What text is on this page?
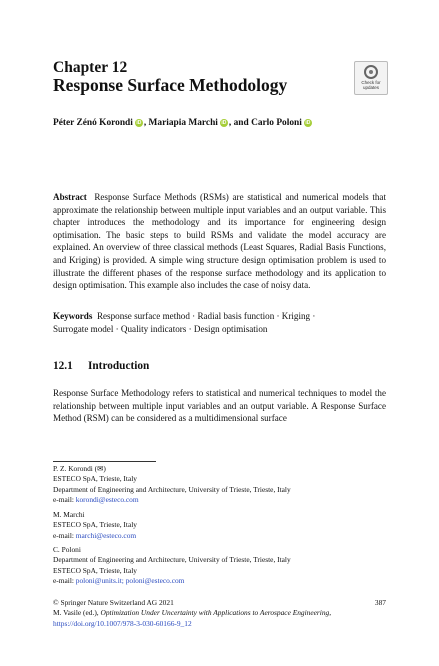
Chapter 12
Response Surface Methodology	Check for
updates
Péter Zénó Korondi iD , Mariapia Marchi iD , and Carlo Poloni iD
Abstract Response Surface Methods (RSMs) are statistical and numerical models that approximate the relationship between multiple input variables and an output variable. This chapter introduces the methodology and its importance for engineering design optimisation. The basic steps to build RSMs and validate the model accuracy are explained. An overview of three classical methods (Least Squares, Radial Basis Functions, and Kriging) is provided. A simple wing structure design optimisation problem is used to illustrate the different phases of the response surface methodology and its application to design optimisation. This example also includes the case of noisy data.
Keywords Response surface method · Radial basis function · Kriging ·
Surrogate model · Quality indicators · Design optimisation
12.1 Introduction
Response Surface Methodology refers to statistical and numerical techniques to model the relationship between multiple input variables and an output variable. A Response Surface Method (RSM) can be considered as a multidimensional surface
P. Z. Korondi (✉)
ESTECO SpA, Trieste, Italy
Department of Engineering and Architecture, University of Trieste, Trieste, Italy
e-mail: korondi@esteco.com
M. Marchi
ESTECO SpA, Trieste, Italy
e-mail: marchi@esteco.com
C. Poloni
Department of Engineering and Architecture, University of Trieste, Trieste, Italy
ESTECO SpA, Trieste, Italy
e-mail: poloni@units.it; poloni@esteco.com
© Springer Nature Switzerland AG 2021	387
M. Vasile (ed.), Optimization Under Uncertainty with Applications to Aerospace Engineering, https://doi.org/10.1007/978-3-030-60166-9_12
